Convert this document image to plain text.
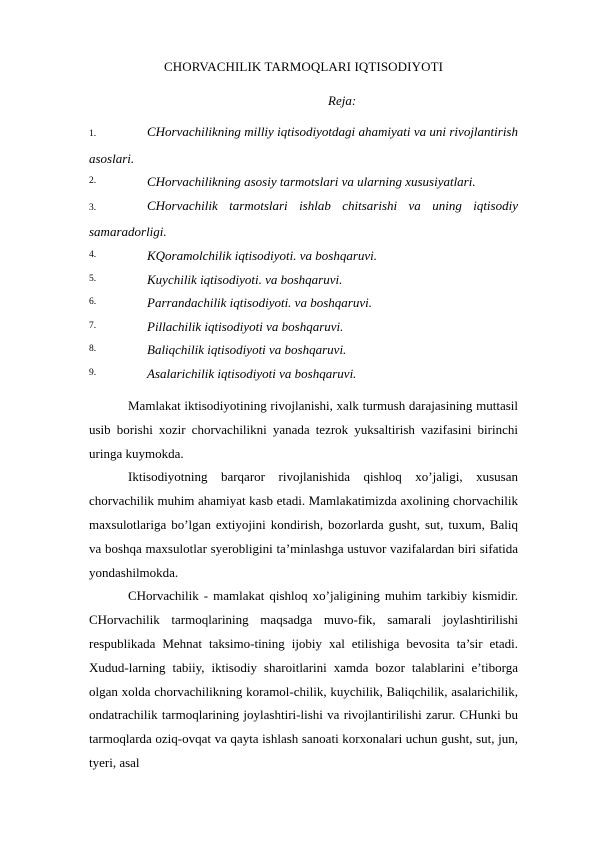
CHORVACHILIK TARMOQLARI IQTISODIYOTI
Reja:
1.	CHorvachilikning milliy iqtisodiyotdagi ahamiyati va uni rivojlantirish asoslari.
2.	CHorvachilikning asosiy tarmotslari va ularning xususiyatlari.
3.	CHorvachilik tarmotslari ishlab chitsarishi va uning iqtisodiy samaradorligi.
4.	KQoramolchilik iqtisodiyoti. va boshqaruvi.
5.	Kuychilik iqtisodiyoti. va boshqaruvi.
6.	Parrandachilik iqtisodiyoti. va boshqaruvi.
7.	Pillachilik iqtisodiyoti va boshqaruvi.
8.	Baliqchilik iqtisodiyoti va boshqaruvi.
9.	Asalarichilik iqtisodiyoti va boshqaruvi.

Mamlakat iktisodiyotining rivojlanishi, xalk turmush darajasining muttasil usib borishi xozir chorvachilikni yanada tezrok yuksaltirish vazifasini birinchi uringa kuymokda.

Iktisodiyotning barqaror rivojlanishida qishloq xo’jaligi, xususan chorvachilik muhim ahamiyat kasb etadi. Mamlakatimizda axolining chorvachilik maxsulotlariga bo’lgan extiyojini kondirish, bozorlarda gusht, sut, tuxum, Baliq va boshqa maxsulotlar syerobligini ta’minlashga ustuvor vazifalardan biri sifatida yondashilmokda.

CHorvachilik - mamlakat qishloq xo’jaligining muhim tarkibiy kismidir. CHorvachilik tarmoqlarining maqsadga muvo-fik, samarali joylashtirilishi respublikada Mehnat taksimo-tining ijobiy xal etilishiga bevosita ta’sir etadi. Xudud-larning tabiiy, iktisodiy sharoitlarini xamda bozor talablarini e’tiborga olgan xolda chorvachilikning koramol-chilik, kuychilik, Baliqchilik, asalarichilik, ondatrachilik tarmoqlarining joylashtiri-lishi va rivojlantirilishi zarur. CHunki bu tarmoqlarda oziq-ovqat va qayta ishlash sanoati korxonalari uchun gusht, sut, jun, tyeri, asal
